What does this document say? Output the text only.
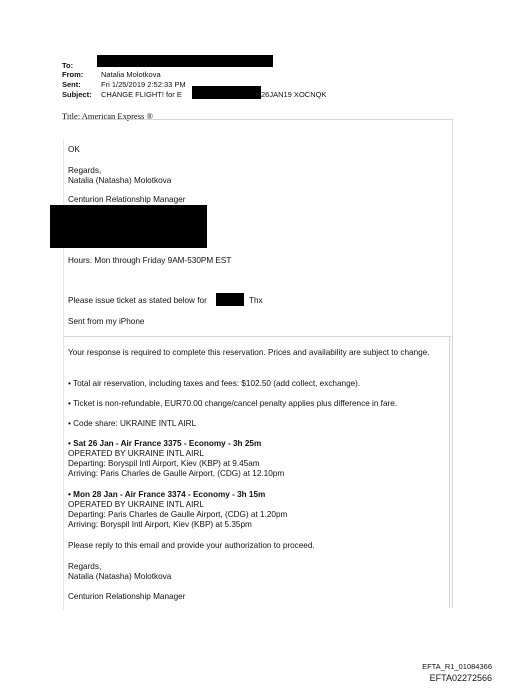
To:
From: Natalia Molotkova
Sent:	Fri 1/25/2019 2:52:33 PM
Subject: CHANGE FLIGHT! for E	26JAN19 XOCNQK
Title: American Express ®
OK
Regards,
Natalia (Natasha) Molotkova
Centurion Relationship Manager
Hours: Mon through Friday 9AM-530PM EST
Please issue ticket as stated below for	Thx
Sent from my iPhone
Your response is required to complete this reservation. Prices and availability are subject to change.
• Total air reservation, including taxes and fees: $102.50 (add collect, exchange).
• Ticket is non-refundable, EUR70.00 change/cancel penalty applies plus difference in fare.
• Code share: UKRAINE INTL AIRL
• Sat 26 Jan - Air France 3375 - Economy - 3h 25m
OPERATED BY UKRAINE INTL AIRL
Departing: Boryspil Intl Airport, Kiev (KBP) at 9.45am
Arriving: Paris Charles de Gaulle Airport, (CDG) at 12.10pm
• Mon 28 Jan - Air France 3374 - Economy - 3h 15m
OPERATED BY UKRAINE INTL AIRL
Departing: Paris Charles de Gaulle Airport, (CDG) at 1.20pm
Arriving: Boryspil Intl Airport, Kiev (KBP) at 5.35pm
Please reply to this email and provide your authorization to proceed.
Regards,
Natalia (Natasha) Molotkova
Centurion Relationship Manager
EFTA_R1_01084366
EFTA02272566
